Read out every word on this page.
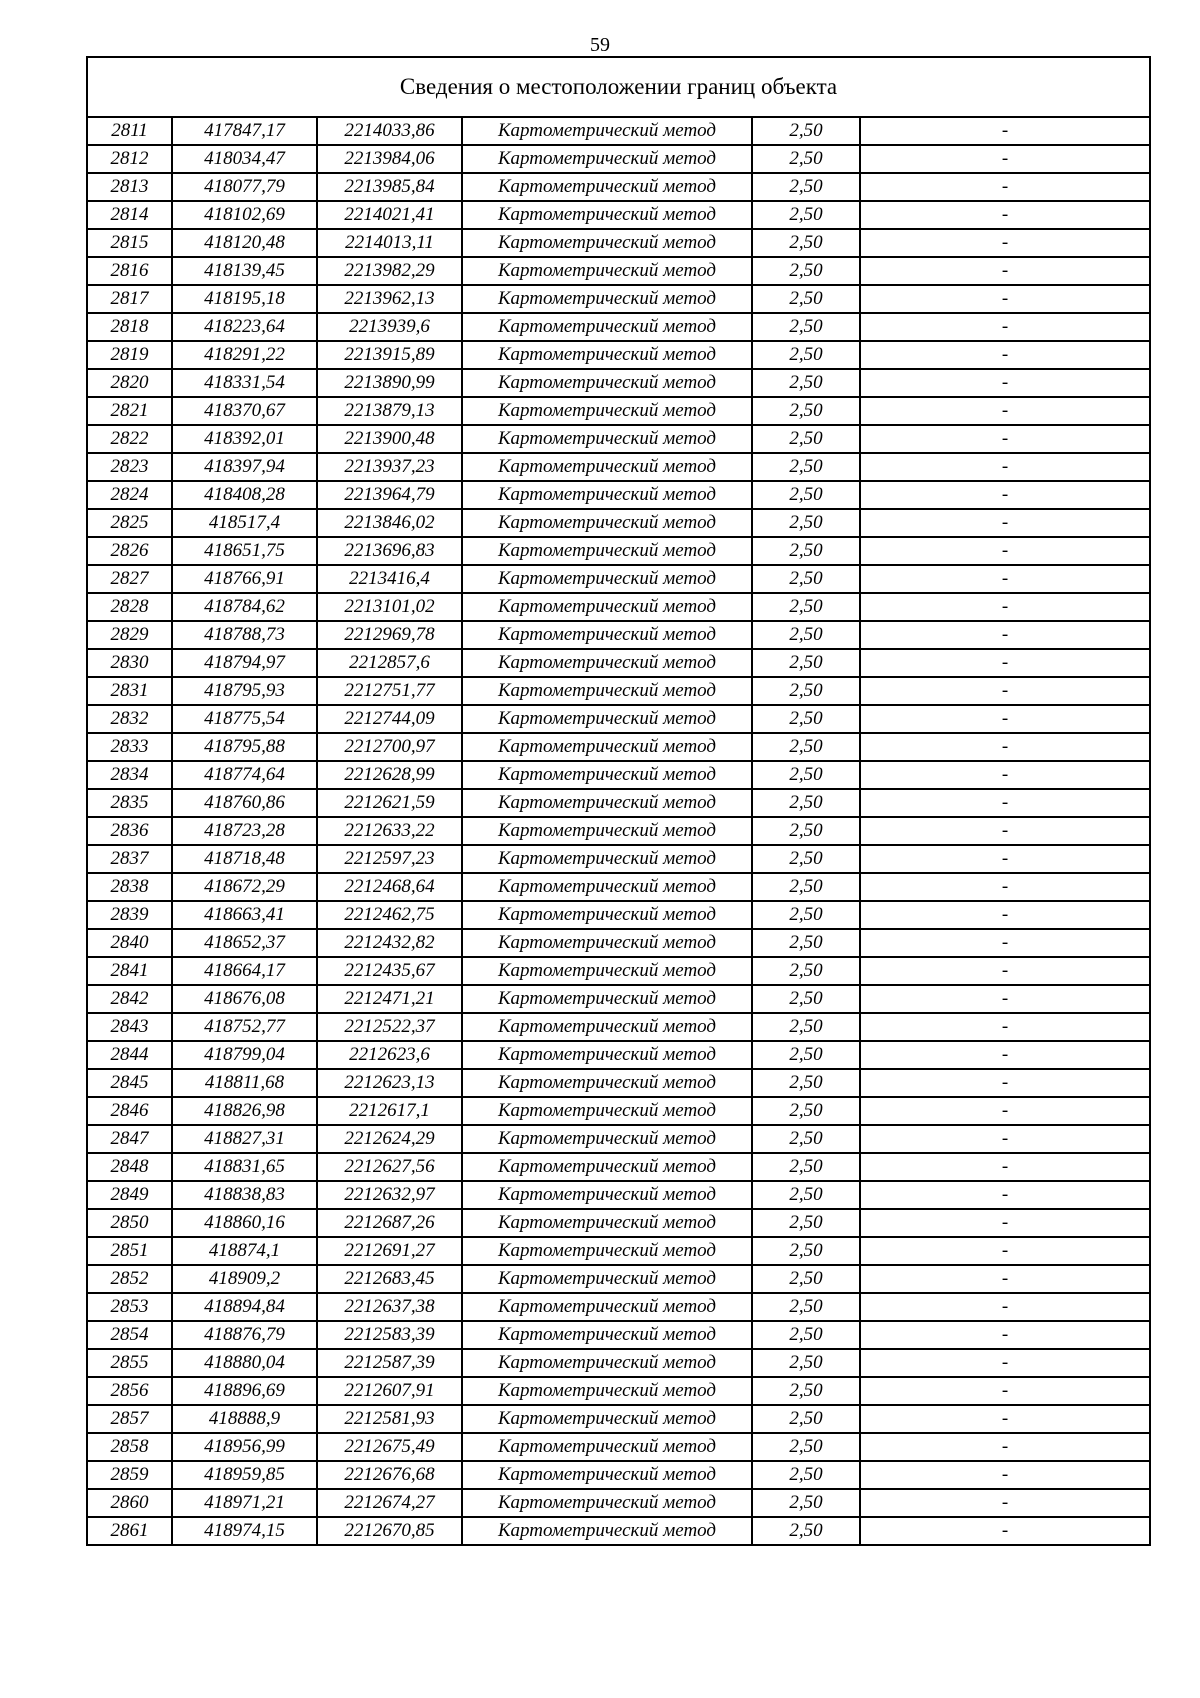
59
Сведения о местоположении границ объекта					
2811	417847,17	2214033,86	Картометрический метод	2,50	-
2812	418034,47	2213984,06	Картометрический метод	2,50	-
2813	418077,79	2213985,84	Картометрический метод	2,50	-
2814	418102,69	2214021,41	Картометрический метод	2,50	-
2815	418120,48	2214013,11	Картометрический метод	2,50	-
2816	418139,45	2213982,29	Картометрический метод	2,50	-
2817	418195,18	2213962,13	Картометрический метод	2,50	-
2818	418223,64	2213939,6	Картометрический метод	2,50	-
2819	418291,22	2213915,89	Картометрический метод	2,50	-
2820	418331,54	2213890,99	Картометрический метод	2,50	-
2821	418370,67	2213879,13	Картометрический метод	2,50	-
2822	418392,01	2213900,48	Картометрический метод	2,50	-
2823	418397,94	2213937,23	Картометрический метод	2,50	-
2824	418408,28	2213964,79	Картометрический метод	2,50	-
2825	418517,4	2213846,02	Картометрический метод	2,50	-
2826	418651,75	2213696,83	Картометрический метод	2,50	-
2827	418766,91	2213416,4	Картометрический метод	2,50	-
2828	418784,62	2213101,02	Картометрический метод	2,50	-
2829	418788,73	2212969,78	Картометрический метод	2,50	-
2830	418794,97	2212857,6	Картометрический метод	2,50	-
2831	418795,93	2212751,77	Картометрический метод	2,50	-
2832	418775,54	2212744,09	Картометрический метод	2,50	-
2833	418795,88	2212700,97	Картометрический метод	2,50	-
2834	418774,64	2212628,99	Картометрический метод	2,50	-
2835	418760,86	2212621,59	Картометрический метод	2,50	-
2836	418723,28	2212633,22	Картометрический метод	2,50	-
2837	418718,48	2212597,23	Картометрический метод	2,50	-
2838	418672,29	2212468,64	Картометрический метод	2,50	-
2839	418663,41	2212462,75	Картометрический метод	2,50	-
2840	418652,37	2212432,82	Картометрический метод	2,50	-
2841	418664,17	2212435,67	Картометрический метод	2,50	-
2842	418676,08	2212471,21	Картометрический метод	2,50	-
2843	418752,77	2212522,37	Картометрический метод	2,50	-
2844	418799,04	2212623,6	Картометрический метод	2,50	-
2845	418811,68	2212623,13	Картометрический метод	2,50	-
2846	418826,98	2212617,1	Картометрический метод	2,50	-
2847	418827,31	2212624,29	Картометрический метод	2,50	-
2848	418831,65	2212627,56	Картометрический метод	2,50	-
2849	418838,83	2212632,97	Картометрический метод	2,50	-
2850	418860,16	2212687,26	Картометрический метод	2,50	-
2851	418874,1	2212691,27	Картометрический метод	2,50	-
2852	418909,2	2212683,45	Картометрический метод	2,50	-
2853	418894,84	2212637,38	Картометрический метод	2,50	-
2854	418876,79	2212583,39	Картометрический метод	2,50	-
2855	418880,04	2212587,39	Картометрический метод	2,50	-
2856	418896,69	2212607,91	Картометрический метод	2,50	-
2857	418888,9	2212581,93	Картометрический метод	2,50	-
2858	418956,99	2212675,49	Картометрический метод	2,50	-
2859	418959,85	2212676,68	Картометрический метод	2,50	-
2860	418971,21	2212674,27	Картометрический метод	2,50	-
2861	418974,15	2212670,85	Картометрический метод	2,50	-
